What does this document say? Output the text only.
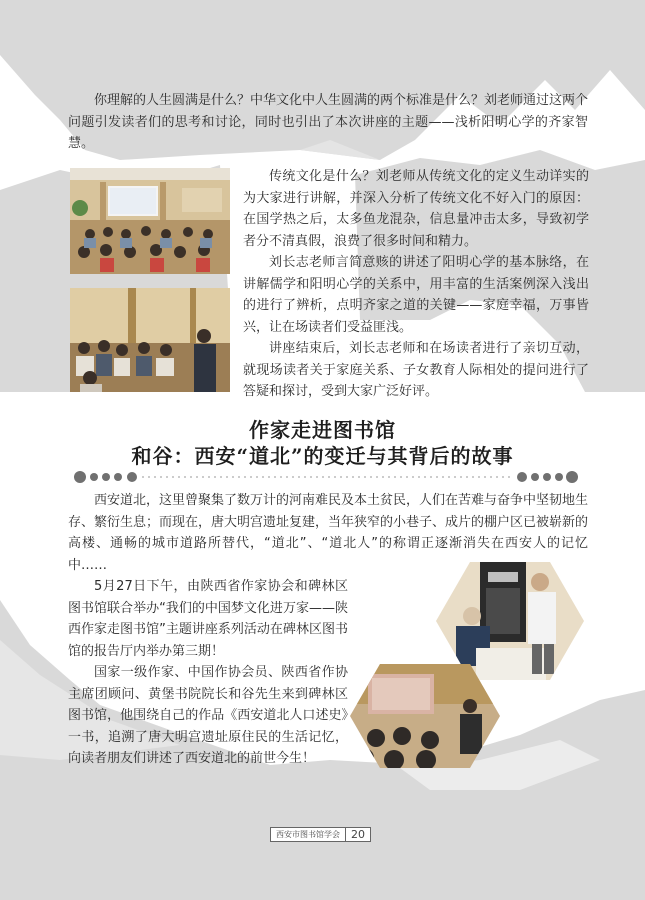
你理解的人生圆满是什么？中华文化中人生圆满的两个标准是什么？刘老师通过这两个问题引发读者们的思考和讨论，同时也引出了本次讲座的主题——浅析阳明心学的齐家智慧。

传统文化是什么？刘老师从传统文化的定义生动详实的为大家进行讲解，并深入分析了传统文化不好入门的原因：在国学热之后，太多鱼龙混杂，信息量冲击太多，导致初学者分不清真假，浪费了很多时间和精力。

刘长志老师言简意赅的讲述了阳明心学的基本脉络，在讲解儒学和阳明心学的关系中，用丰富的生活案例深入浅出的进行了辨析，点明齐家之道的关键——家庭幸福，万事皆兴，让在场读者们受益匪浅。

讲座结束后，刘长志老师和在场读者进行了亲切互动，就现场读者关于家庭关系、子女教育人际相处的提问进行了答疑和探讨，受到大家广泛好评。

作家走进图书馆
和谷：西安“道北”的变迁与其背后的故事

西安道北，这里曾聚集了数万计的河南难民及本土贫民，人们在苦难与奋争中坚韧地生存、繁衍生息；而现在，唐大明宫遗址复建，当年狭窄的小巷子、成片的棚户区已被崭新的高楼、通畅的城市道路所替代，“道北”、“道北人”的称谓正逐渐消失在西安人的记忆中……

5月27日下午，由陕西省作家协会和碑林区图书馆联合举办“我们的中国梦文化进万家——陕西作家走图书馆”主题讲座系列活动在碑林区图书馆的报告厅内举办第三期！

国家一级作家、中国作协会员、陕西省作协主席团顾问、黄堡书院院长和谷先生来到碑林区图书馆，他围绕自己的作品《西安道北人口述史》一书，追溯了唐大明宫遗址原住民的生活记忆，向读者朋友们讲述了西安道北的前世今生！

西安市图书馆学会	20
